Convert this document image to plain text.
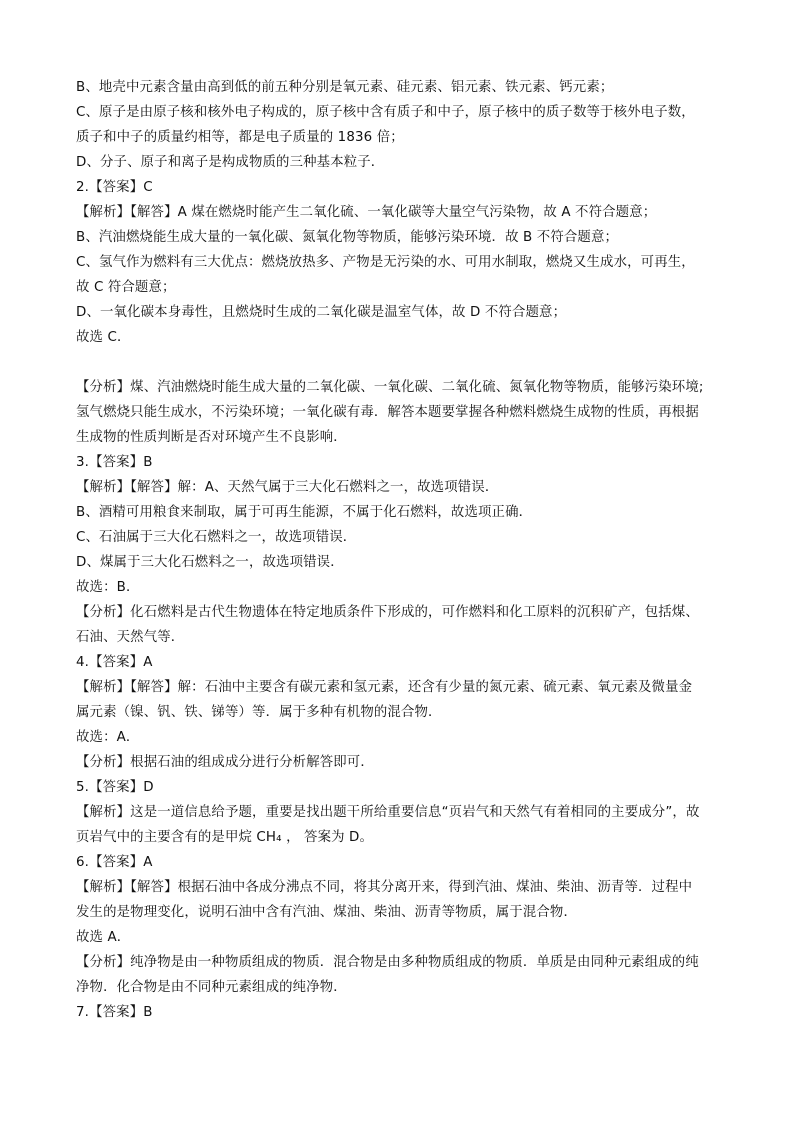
B、地壳中元素含量由高到低的前五种分别是氧元素、硅元素、铝元素、铁元素、钙元素；

C、原子是由原子核和核外电子构成的，原子核中含有质子和中子，原子核中的质子数等于核外电子数，

质子和中子的质量约相等，都是电子质量的 1836 倍；

D、分子、原子和离子是构成物质的三种基本粒子．

2.【答案】C

【解析】【解答】A 煤在燃烧时能产生二氧化硫、一氧化碳等大量空气污染物，故 A 不符合题意；

B、汽油燃烧能生成大量的一氧化碳、氮氧化物等物质，能够污染环境．故 B 不符合题意；

C、氢气作为燃料有三大优点：燃烧放热多、产物是无污染的水、可用水制取，燃烧又生成水，可再生，

故 C 符合题意；

D、一氧化碳本身毒性，且燃烧时生成的二氧化碳是温室气体，故 D 不符合题意；

故选 C．

【分析】煤、汽油燃烧时能生成大量的二氧化碳、一氧化碳、二氧化硫、氮氧化物等物质，能够污染环境;

氢气燃烧只能生成水，不污染环境；一氧化碳有毒．解答本题要掌握各种燃料燃烧生成物的性质，再根据

生成物的性质判断是否对环境产生不良影响．

3.【答案】B

【解析】【解答】解：A、天然气属于三大化石燃料之一，故选项错误．

B、酒精可用粮食来制取，属于可再生能源，不属于化石燃料，故选项正确．

C、石油属于三大化石燃料之一，故选项错误．

D、煤属于三大化石燃料之一，故选项错误．

故选：B．

【分析】化石燃料是古代生物遗体在特定地质条件下形成的，可作燃料和化工原料的沉积矿产，包括煤、

石油、天然气等．

4.【答案】A

【解析】【解答】解：石油中主要含有碳元素和氢元素，还含有少量的氮元素、硫元素、氧元素及微量金

属元素（镍、钒、铁、锑等）等．属于多种有机物的混合物．

故选：A．

【分析】根据石油的组成成分进行分析解答即可．

5.【答案】D

【解析】这是一道信息给予题，重要是找出题干所给重要信息“页岩气和天然气有着相同的主要成分”，故

页岩气中的主要含有的是甲烷 CH₄ ， 答案为 D。

6.【答案】A

【解析】【解答】根据石油中各成分沸点不同，将其分离开来，得到汽油、煤油、柴油、沥青等．过程中

发生的是物理变化，说明石油中含有汽油、煤油、柴油、沥青等物质，属于混合物．

故选 A．

【分析】纯净物是由一种物质组成的物质．混合物是由多种物质组成的物质．单质是由同种元素组成的纯

净物．化合物是由不同种元素组成的纯净物．

7.【答案】B
